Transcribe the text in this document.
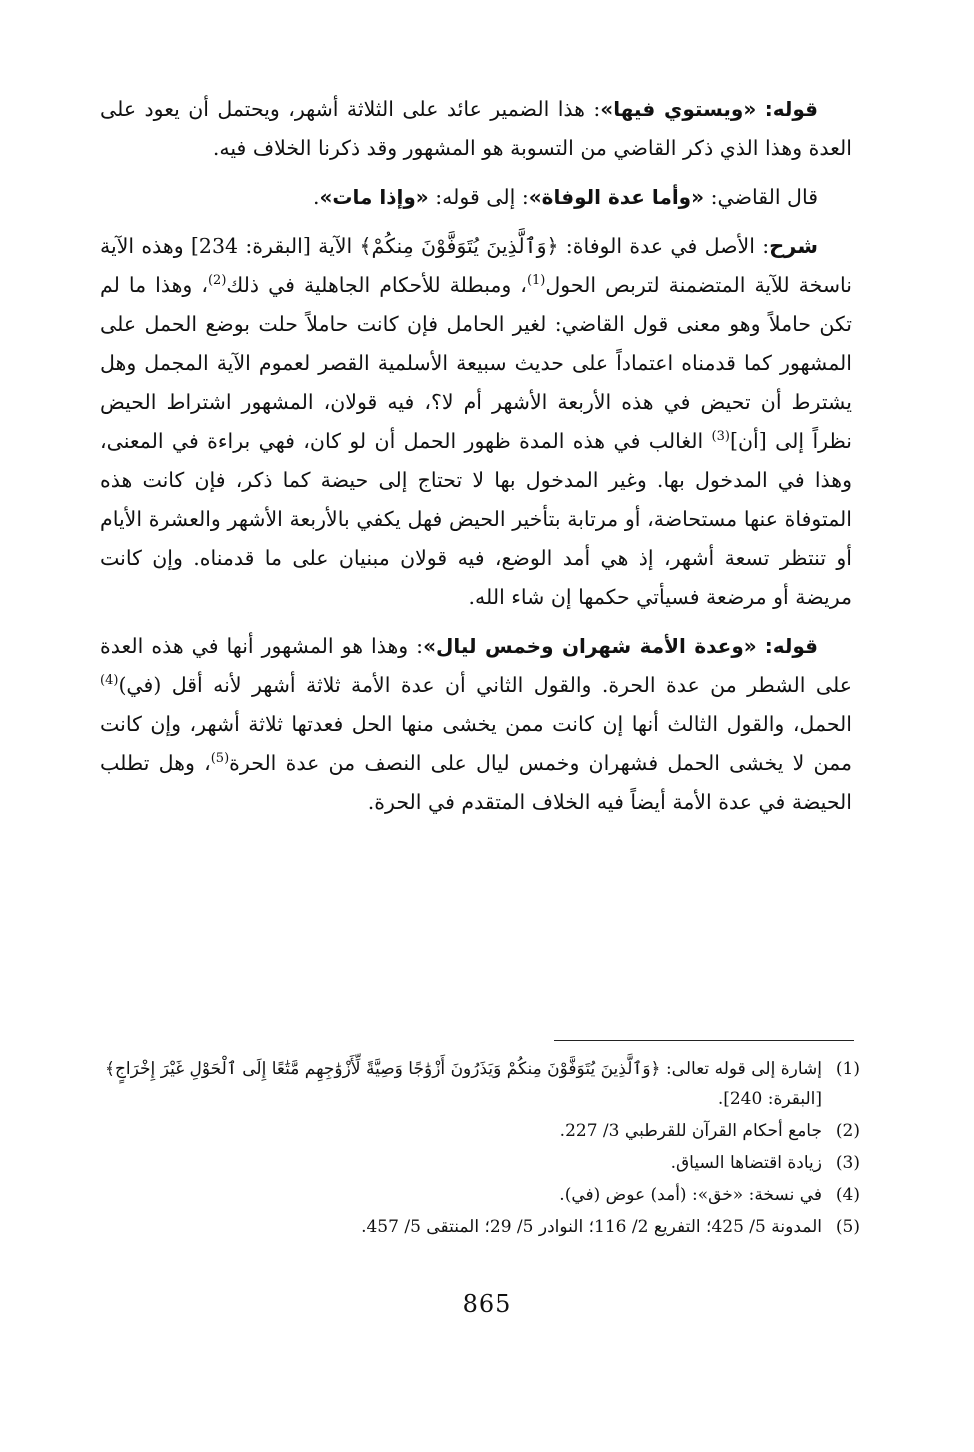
قوله: «ويستوي فيها»: هذا الضمير عائد على الثلاثة أشهر، ويحتمل أن يعود على العدة وهذا الذي ذكر القاضي من التسوبة هو المشهور وقد ذكرنا الخلاف فيه.

قال القاضي: «وأما عدة الوفاة»: إلى قوله: «وإذا مات».

شرح: الأصل في عدة الوفاة: ﴿وَٱلَّذِينَ يُتَوَفَّوْنَ مِنكُمْ﴾ الآية [البقرة: 234] وهذه الآية ناسخة للآية المتضمنة لتربص الحول$^{(1)}$، ومبطلة للأحكام الجاهلية في ذلك$^{(2)}$، وهذا ما لم تكن حاملاً وهو معنى قول القاضي: لغير الحامل فإن كانت حاملاً حلت بوضع الحمل على المشهور كما قدمناه اعتماداً على حديث سبيعة الأسلمية القصر لعموم الآية المجمل وهل يشترط أن تحيض في هذه الأربعة الأشهر أم لا؟، فيه قولان، المشهور اشتراط الحيض نظراً إلى [أن]$^{(3)}$ الغالب في هذه المدة ظهور الحمل أن لو كان، فهي براءة في المعنى، وهذا في المدخول بها. وغير المدخول بها لا تحتاج إلى حيضة كما ذكر، فإن كانت هذه المتوفاة عنها مستحاضة، أو مرتابة بتأخير الحيض فهل يكفي بالأربعة الأشهر والعشرة الأيام أو تنتظر تسعة أشهر، إذ هي أمد الوضع، فيه قولان مبنيان على ما قدمناه. وإن كانت مريضة أو مرضعة فسيأتي حكمها إن شاء الله.

قوله: «وعدة الأمة شهران وخمس ليال»: وهذا هو المشهور أنها في هذه العدة على الشطر من عدة الحرة. والقول الثاني أن عدة الأمة ثلاثة أشهر لأنه أقل (في)$^{(4)}$ الحمل، والقول الثالث أنها إن كانت ممن يخشى منها الحل فعدتها ثلاثة أشهر، وإن كانت ممن لا يخشى الحمل فشهران وخمس ليال على النصف من عدة الحرة$^{(5)}$، وهل تطلب الحيضة في عدة الأمة أيضاً فيه الخلاف المتقدم في الحرة.

(1)
إشارة إلى قوله تعالى: ﴿وَٱلَّذِينَ يُتَوَفَّوْنَ مِنكُمْ وَيَذَرُونَ أَزْوَٰجًا وَصِيَّةً لِّأَزْوَٰجِهِم مَّتَٰعًا إِلَى ٱلْحَوْلِ غَيْرَ إِخْرَاجٍ﴾ [البقرة: 240].
(2)
جامع أحكام القرآن للقرطبي 3/ 227.
(3)
زيادة اقتضاها السياق.
(4)
في نسخة: «خق»: (أمد) عوض (في).
(5)
المدونة 5/ 425؛ التفريع 2/ 116؛ النوادر 5/ 29؛ المنتقى 5/ 457.
865
